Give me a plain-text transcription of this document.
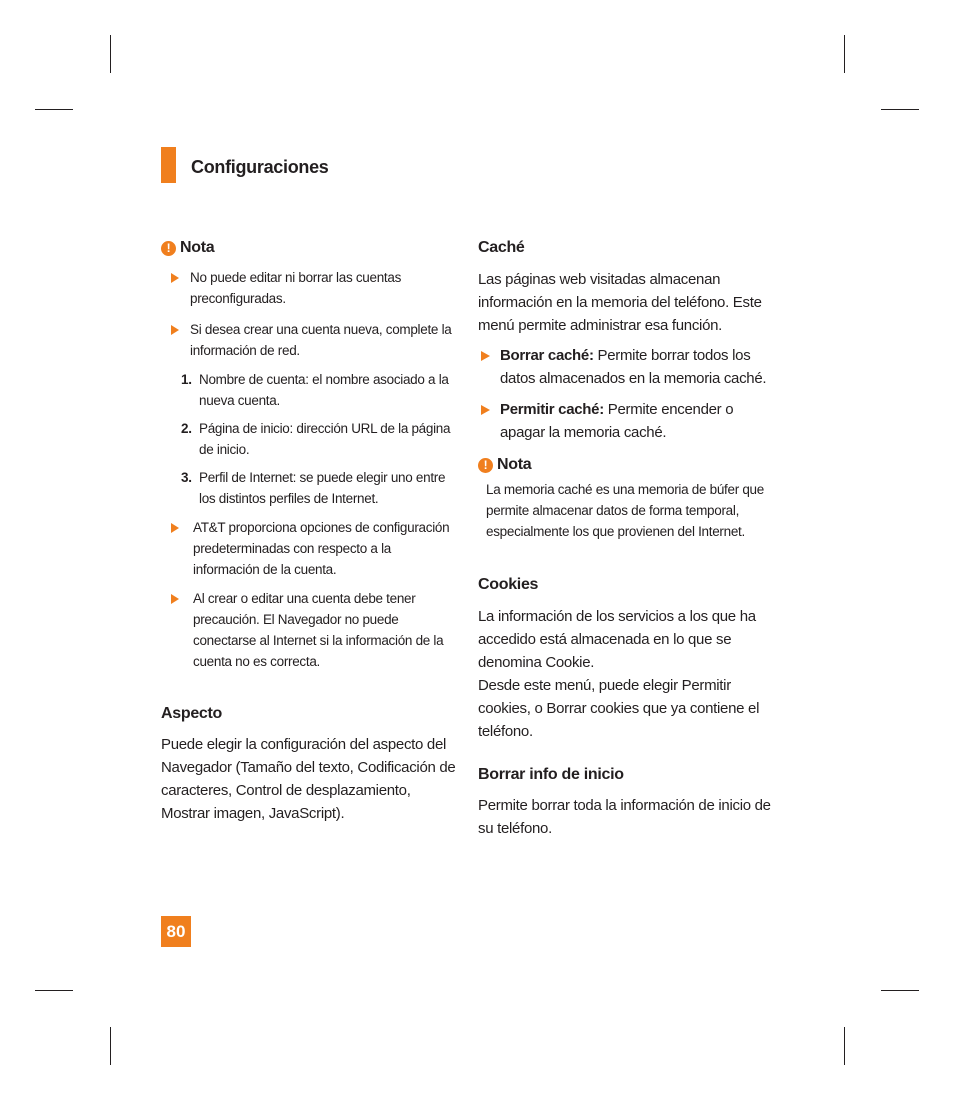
Configuraciones
! Nota
No puede editar ni borrar las cuentas preconfiguradas.
Si desea crear una cuenta nueva, complete la información de red.
1. Nombre de cuenta: el nombre asociado a la nueva cuenta.
2. Página de inicio: dirección URL de la página de inicio.
3. Perfil de Internet: se puede elegir uno entre los distintos perfiles de Internet.
AT&T proporciona opciones de configuración predeterminadas con respecto a la información de la cuenta.
Al crear o editar una cuenta debe tener precaución. El Navegador no puede conectarse al Internet si la información de la cuenta no es correcta.
Aspecto
Puede elegir la configuración del aspecto del Navegador (Tamaño del texto, Codificación de caracteres, Control de desplazamiento, Mostrar imagen, JavaScript).
Caché
Las páginas web visitadas almacenan información en la memoria del teléfono. Este menú permite administrar esa función.
Borrar caché: Permite borrar todos los datos almacenados en la memoria caché.
Permitir caché: Permite encender o apagar la memoria caché.
! Nota
La memoria caché es una memoria de búfer que permite almacenar datos de forma temporal, especialmente los que provienen del Internet.
Cookies
La información de los servicios a los que ha accedido está almacenada en lo que se denomina Cookie.
Desde este menú, puede elegir Permitir cookies, o Borrar cookies que ya contiene el teléfono.
Borrar info de inicio
Permite borrar toda la información de inicio de su teléfono.
80
